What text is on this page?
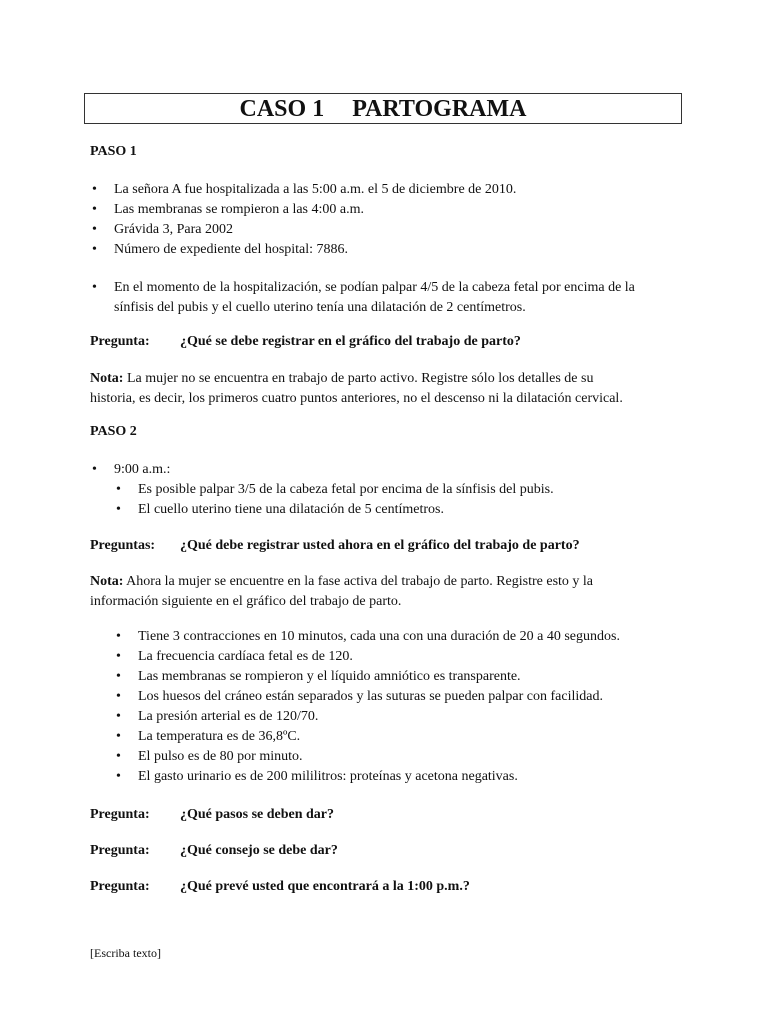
CASO 1 PARTOGRAMA
PASO 1
• La señora A fue hospitalizada a las 5:00 a.m. el 5 de diciembre de 2010.
• Las membranas se rompieron a las 4:00 a.m.
• Grávida 3, Para 2002
• Número de expediente del hospital: 7886.
• En el momento de la hospitalización, se podían palpar 4/5 de la cabeza fetal por encima de la
sínfisis del pubis y el cuello uterino tenía una dilatación de 2 centímetros.
Pregunta: ¿Qué se debe registrar en el gráfico del trabajo de parto?
Nota: La mujer no se encuentra en trabajo de parto activo. Registre sólo los detalles de su
historia, es decir, los primeros cuatro puntos anteriores, no el descenso ni la dilatación cervical.
PASO 2
• 9:00 a.m.:
• Es posible palpar 3/5 de la cabeza fetal por encima de la sínfisis del pubis.
• El cuello uterino tiene una dilatación de 5 centímetros.
Preguntas: ¿Qué debe registrar usted ahora en el gráfico del trabajo de parto?
Nota: Ahora la mujer se encuentre en la fase activa del trabajo de parto. Registre esto y la
información siguiente en el gráfico del trabajo de parto.
• Tiene 3 contracciones en 10 minutos, cada una con una duración de 20 a 40 segundos.
• La frecuencia cardíaca fetal es de 120.
• Las membranas se rompieron y el líquido amniótico es transparente.
• Los huesos del cráneo están separados y las suturas se pueden palpar con facilidad.
• La presión arterial es de 120/70.
• La temperatura es de 36,8ºC.
• El pulso es de 80 por minuto.
• El gasto urinario es de 200 mililitros: proteínas y acetona negativas.
Pregunta: ¿Qué pasos se deben dar?
Pregunta: ¿Qué consejo se debe dar?
Pregunta: ¿Qué prevé usted que encontrará a la 1:00 p.m.?
[Escriba texto]
